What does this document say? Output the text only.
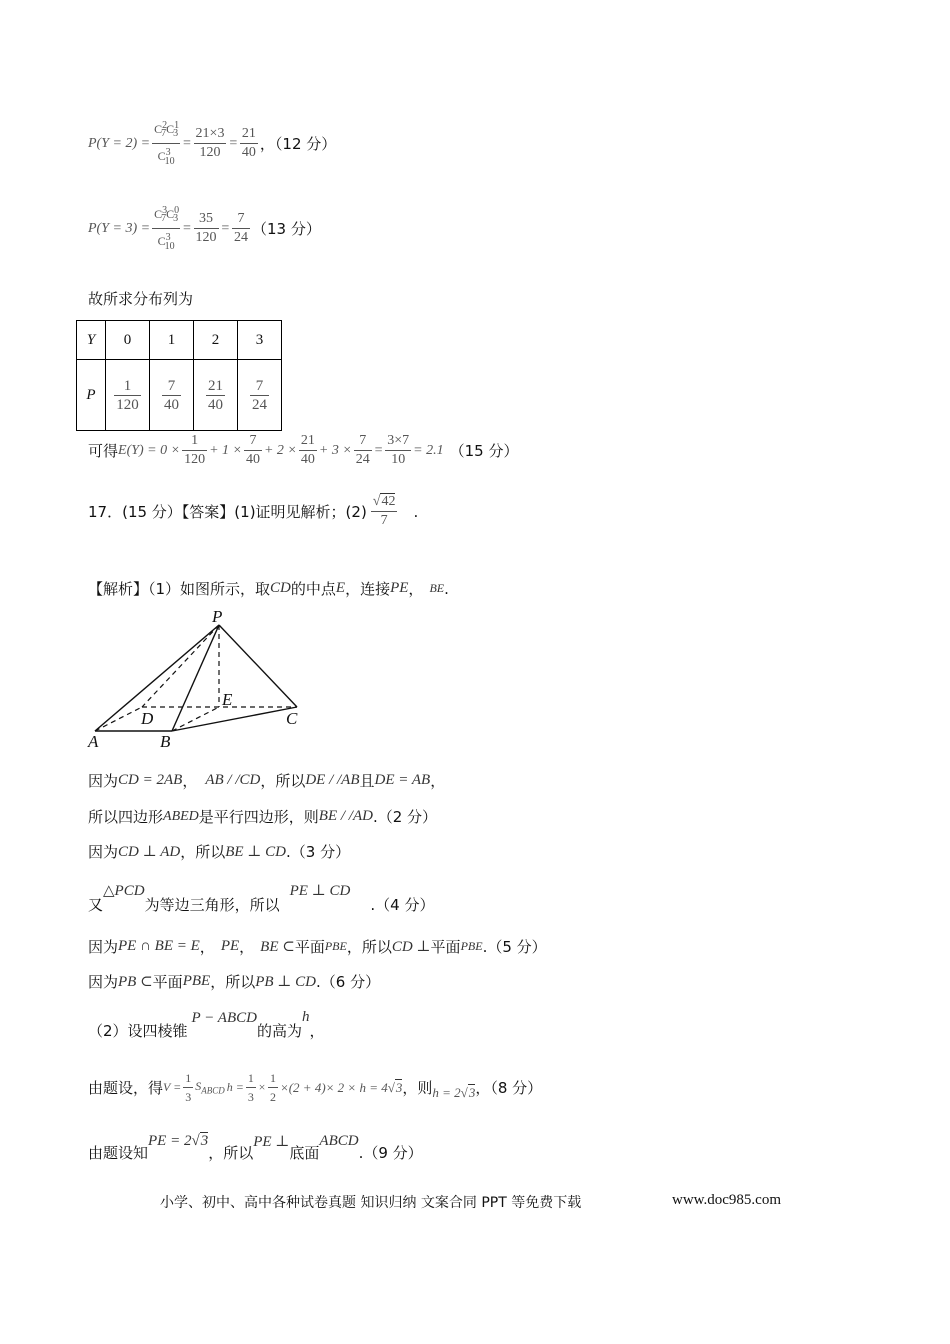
$P(Y = 2) = \frac{C^2_7C^1_3}{C^3_{10}} = \frac{21\times 3}{120} = \frac{21}{40}$ ，（12 分）
$P(Y = 3) = \frac{C^3_7C^0_3}{C^3_{10}} = \frac{35}{120} = \frac{7}{24} (13$ 分）
故所求分布列为
Y	0	1	2	3
P	$\frac{1}{120}$	$\frac{7}{40}$	$\frac{21}{40}$	$\frac{7}{24}$
可得 $E(Y) = 0 \times \frac{1}{120} + 1 \times \frac{7}{40} + 2 \times \frac{21}{40} + 3 \times \frac{7}{24} = \frac{3\times 7}{10} = 2.1$ （15 分）
17．(15 分）【答案】(1)证明见解析；$(2) \frac{√42}{7}$ .
【解析】（1）如图所示，取 CD 的中点 E ，连接 PE ， BE .
P
E
D	C
A	B
因为 CD = 2AB ， AB / /CD ，所以 DE / /AB 且 DE = AB ，
所以四边形 ABED 是平行四边形，则 BE / /AD .（2 分）
因为 CD ⊥ AD ，所以 BE ⊥ CD .（3 分）
又
△PCD
为等边三角形，所以
PE ⊥ CD
.（4 分）
因为 PE ∩ BE = E ， PE ， BE ⊂ 平面 PBE ，所以 CD ⊥ 平面 PBE .（5 分）
因为 PB ⊂ 平面 PBE ，所以 PB ⊥ CD .（6 分）
（2）设四棱锥
P − ABCD
的高为
h
，
由题设，得 $V = \frac{1}{3} S_{ABCD}$ $h = \frac{1}{3} \times \frac{1}{2} \times(2 + 4)\times 2 \times h = 4$ √3 ，则 h = 2 √3 ，（8 分）
由题设知
PE = 2 √3
，所以
PE ⊥
底面
ABCD
.（9 分）
小学、初中、高中各种试卷真题 知识归纳 文案合同 PPT 等免费下载	www.doc985.com
